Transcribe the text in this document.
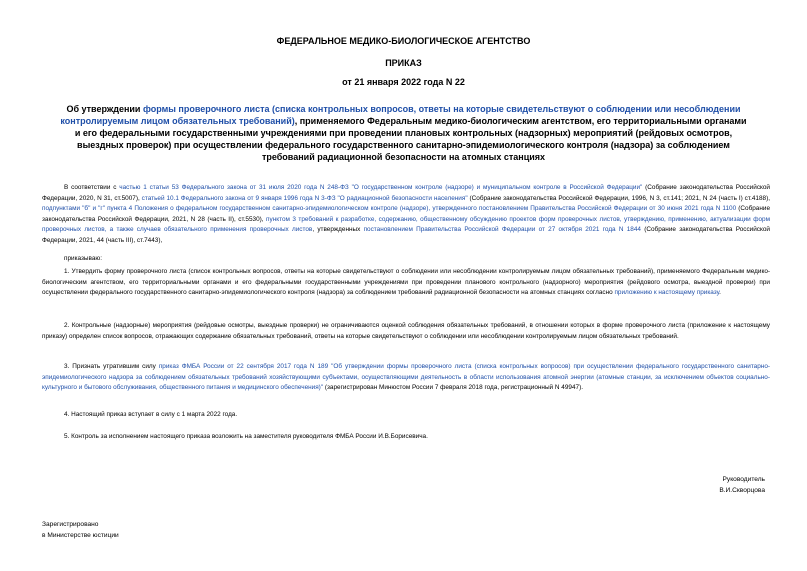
ФЕДЕРАЛЬНОЕ МЕДИКО-БИОЛОГИЧЕСКОЕ АГЕНТСТВО
ПРИКАЗ
от 21 января 2022 года N 22
Об утверждении формы проверочного листа (списка контрольных вопросов, ответы на которые свидетельствуют о соблюдении или несоблюдении контролируемым лицом обязательных требований), применяемого Федеральным медико-биологическим агентством, его территориальными органами и его федеральными государственными учреждениями при проведении плановых контрольных (надзорных) мероприятий (рейдовых осмотров, выездных проверок) при осуществлении федерального государственного санитарно-эпидемиологического контроля (надзора) за соблюдением требований радиационной безопасности на атомных станциях
В соответствии с частью 1 статьи 53 Федерального закона от 31 июля 2020 года N 248-ФЗ "О государственном контроле (надзоре) и муниципальном контроле в Российской Федерации" (Собрание законодательства Российской Федерации, 2020, N 31, ст.5007), статьей 10.1 Федерального закона от 9 января 1996 года N 3-ФЗ "О радиационной безопасности населения" (Собрание законодательства Российской Федерации, 1996, N 3, ст.141; 2021, N 24 (часть I) ст.4188), подпунктами "б" и "г" пункта 4 Положения о федеральном государственном санитарно-эпидемиологическом контроле (надзоре), утвержденного постановлением Правительства Российской Федерации от 30 июня 2021 года N 1100 (Собрание законодательства Российской Федерации, 2021, N 28 (часть II), ст.5530), пунктом 3 требований к разработке, содержанию, общественному обсуждению проектов форм проверочных листов, утверждению, применению, актуализации форм проверочных листов, а также случаев обязательного применения проверочных листов, утвержденных постановлением Правительства Российской Федерации от 27 октября 2021 года N 1844 (Собрание законодательства Российской Федерации, 2021, 44 (часть III), ст.7443),
приказываю:
1. Утвердить форму проверочного листа (список контрольных вопросов, ответы на которые свидетельствуют о соблюдении или несоблюдении контролируемым лицом обязательных требований), применяемого Федеральным медико-биологическим агентством, его территориальными органами и его федеральными государственными учреждениями при проведении планового контрольного (надзорного) мероприятия (рейдового осмотра, выездной проверки) при осуществлении федерального государственного санитарно-эпидемиологического контроля (надзора) за соблюдением требований радиационной безопасности на атомных станциях согласно приложению к настоящему приказу.
2. Контрольные (надзорные) мероприятия (рейдовые осмотры, выездные проверки) не ограничиваются оценкой соблюдения обязательных требований, в отношении которых в форме проверочного листа (приложение к настоящему приказу) определен список вопросов, отражающих содержание обязательных требований, ответы на которые свидетельствуют о соблюдении или несоблюдении контролируемым лицом обязательных требований.
3. Признать утратившим силу приказ ФМБА России от 22 сентября 2017 года N 189 "Об утверждении формы проверочного листа (списка контрольных вопросов) при осуществлении федерального государственного санитарно-эпидемиологического надзора за соблюдением обязательных требований хозяйствующими субъектами, осуществляющими деятельность в области использования атомной энергии (атомные станции, за исключением объектов социально-культурного и бытового обслуживания, общественного питания и медицинского обеспечения)" (зарегистрирован Минюстом России 7 февраля 2018 года, регистрационный N 49947).
4. Настоящий приказ вступает в силу с 1 марта 2022 года.
5. Контроль за исполнением настоящего приказа возложить на заместителя руководителя ФМБА России И.В.Борисевича.
Руководитель
В.И.Скворцова
Зарегистрировано
в Министерстве юстиции
